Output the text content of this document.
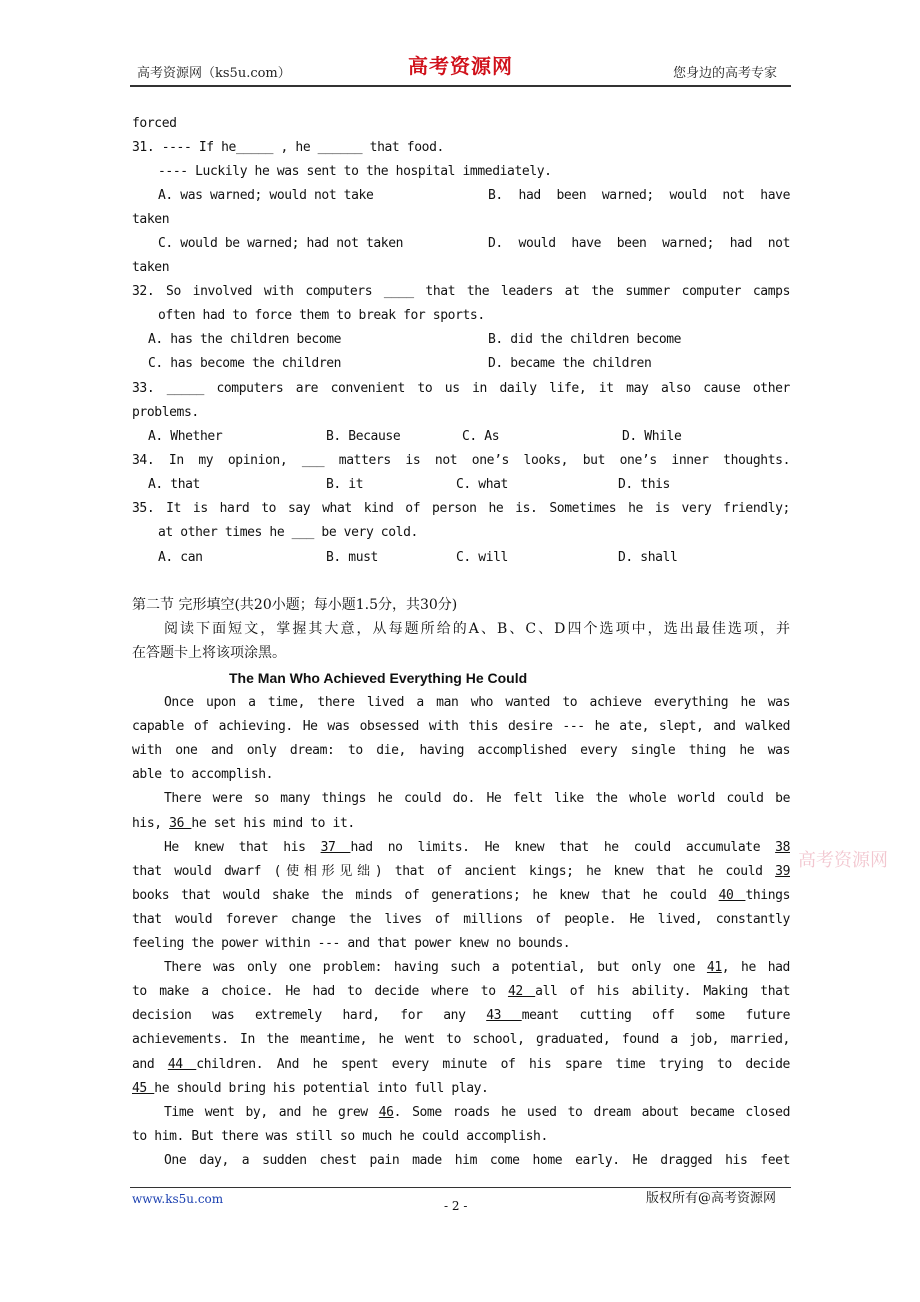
高考资源网（ks5u.com）	高考资源网	您身边的高考专家
forced
31. ---- If he_____ , he ______ that food.
---- Luckily he was sent to the hospital immediately.
A. was warned; would not take	B. had been warned; would not have
taken
C. would be warned; had not taken	D. would have been warned; had not
taken
32. So involved with computers ____ that the leaders at the summer computer camps
often had to force them to break for sports.
A. has the children become	B. did the children become
C. has become the children	D. became the children
33. _____ computers are convenient to us in daily life, it may also cause other
problems.
A. Whether	B. Because	C. As	D. While
34. In my opinion, ___ matters is not one’s looks, but one’s inner thoughts.
A. that	B. it	C. what	D. this
35. It is hard to say what kind of person he is. Sometimes he is very friendly;
at other times he ___ be very cold.
A. can	B. must	C. will	D. shall
第二节 完形填空(共20小题；每小题1.5分，共30分)
阅读下面短文，掌握其大意，从每题所给的A、B、C、D四个选项中，选出最佳选项，并
在答题卡上将该项涂黑。
The Man Who Achieved Everything He Could
Once upon a time, there lived a man who wanted to achieve everything he was
capable of achieving. He was obsessed with this desire --- he ate, slept, and walked
with one and only dream: to die, having accomplished every single thing he was
able to accomplish.
There were so many things he could do. He felt like the whole world could be
his, 36 he set his mind to it.
He knew that his 37 had no limits. He knew that he could accumulate 38
that would dwarf (使相形见绌) that of ancient kings; he knew that he could 39
books that would shake the minds of generations; he knew that he could 40 things
that would forever change the lives of millions of people. He lived, constantly
feeling the power within --- and that power knew no bounds.
There was only one problem: having such a potential, but only one 41, he had
to make a choice. He had to decide where to 42 all of his ability. Making that
decision was extremely hard, for any 43 meant cutting off some future
achievements. In the meantime, he went to school, graduated, found a job, married,
and 44 children. And he spent every minute of his spare time trying to decide
45 he should bring his potential into full play.
Time went by, and he grew 46. Some roads he used to dream about became closed
to him. But there was still so much he could accomplish.
One day, a sudden chest pain made him come home early. He dragged his feet
高考资源网
www.ks5u.com	- 2 -	版权所有@高考资源网
